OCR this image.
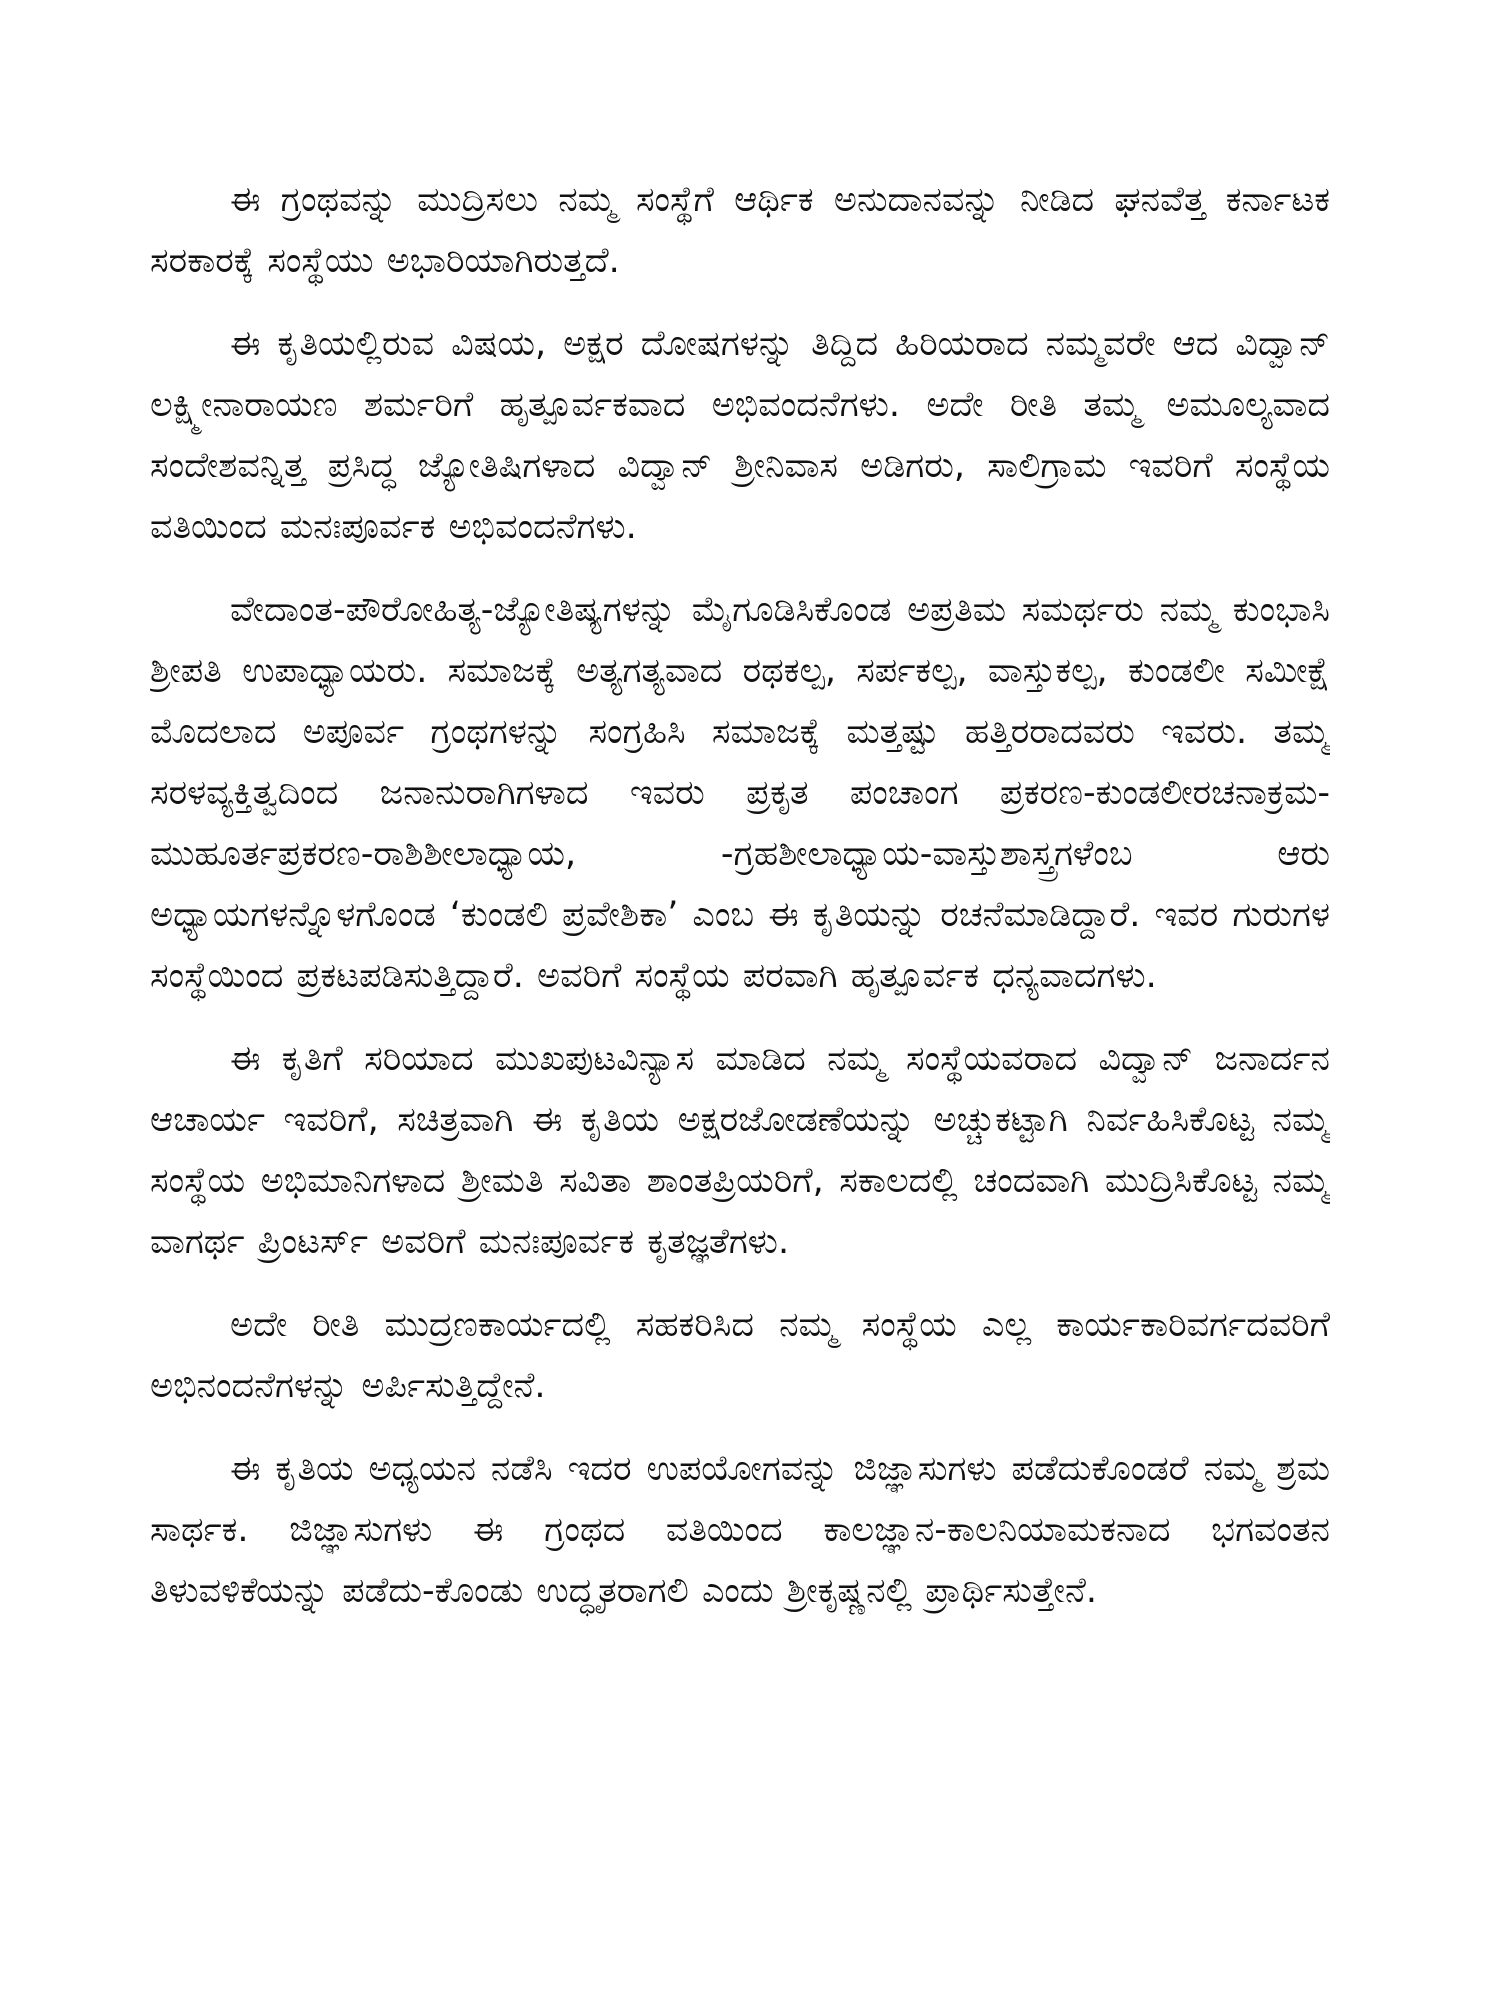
ಈ ಗ್ರಂಥವನ್ನು ಮುದ್ರಿಸಲು ನಮ್ಮ ಸಂಸ್ಥೆಗೆ ಆರ್ಥಿಕ ಅನುದಾನವನ್ನು ನೀಡಿದ ಘನವೆತ್ತ ಕರ್ನಾಟಕ ಸರಕಾರಕ್ಕೆ ಸಂಸ್ಥೆಯು ಅಭಾರಿಯಾಗಿರುತ್ತದೆ.

ಈ ಕೃತಿಯಲ್ಲಿರುವ ವಿಷಯ, ಅಕ್ಷರ ದೋಷಗಳನ್ನು ತಿದ್ದಿದ ಹಿರಿಯರಾದ ನಮ್ಮವರೇ ಆದ ವಿದ್ವಾನ್ ಲಕ್ಷ್ಮೀನಾರಾಯಣ ಶರ್ಮರಿಗೆ ಹೃತ್ಪೂರ್ವಕವಾದ ಅಭಿವಂದನೆಗಳು. ಅದೇ ರೀತಿ ತಮ್ಮ ಅಮೂಲ್ಯವಾದ ಸಂದೇಶವನ್ನಿತ್ತ ಪ್ರಸಿದ್ಧ ಜ್ಯೋತಿಷಿಗಳಾದ ವಿದ್ವಾನ್ ಶ್ರೀನಿವಾಸ ಅಡಿಗರು, ಸಾಲಿಗ್ರಾಮ ಇವರಿಗೆ ಸಂಸ್ಥೆಯ ವತಿಯಿಂದ ಮನಃಪೂರ್ವಕ ಅಭಿವಂದನೆಗಳು.

ವೇದಾಂತ-ಪೌರೋಹಿತ್ಯ-ಜ್ಯೋತಿಷ್ಯಗಳನ್ನು ಮೈಗೂಡಿಸಿಕೊಂಡ ಅಪ್ರತಿಮ ಸಮರ್ಥರು ನಮ್ಮ ಕುಂಭಾಸಿ ಶ್ರೀಪತಿ ಉಪಾಧ್ಯಾಯರು. ಸಮಾಜಕ್ಕೆ ಅತ್ಯಗತ್ಯವಾದ ರಥಕಲ್ಪ, ಸರ್ಪಕಲ್ಪ, ವಾಸ್ತುಕಲ್ಪ, ಕುಂಡಲೀ ಸಮೀಕ್ಷೆ ಮೊದಲಾದ ಅಪೂರ್ವ ಗ್ರಂಥಗಳನ್ನು ಸಂಗ್ರಹಿಸಿ ಸಮಾಜಕ್ಕೆ ಮತ್ತಷ್ಟು ಹತ್ತಿರರಾದವರು ಇವರು. ತಮ್ಮ ಸರಳವ್ಯಕ್ತಿತ್ವದಿಂದ ಜನಾನುರಾಗಿಗಳಾದ ಇವರು ಪ್ರಕೃತ ಪಂಚಾಂಗ ಪ್ರಕರಣ-ಕುಂಡಲೀರಚನಾಕ್ರಮ-ಮುಹೂರ್ತಪ್ರಕರಣ-ರಾಶಿಶೀಲಾಧ್ಯಾಯ, -ಗ್ರಹಶೀಲಾಧ್ಯಾಯ-ವಾಸ್ತುಶಾಸ್ತ್ರಗಳೆಂಬ ಆರು ಅಧ್ಯಾಯಗಳನ್ನೊಳಗೊಂಡ ‘ಕುಂಡಲಿ ಪ್ರವೇಶಿಕಾ’ ಎಂಬ ಈ ಕೃತಿಯನ್ನು ರಚನೆಮಾಡಿದ್ದಾರೆ. ಇವರ ಗುರುಗಳ ಸಂಸ್ಥೆಯಿಂದ ಪ್ರಕಟಪಡಿಸುತ್ತಿದ್ದಾರೆ. ಅವರಿಗೆ ಸಂಸ್ಥೆಯ ಪರವಾಗಿ ಹೃತ್ಪೂರ್ವಕ ಧನ್ಯವಾದಗಳು.

ಈ ಕೃತಿಗೆ ಸರಿಯಾದ ಮುಖಪುಟವಿನ್ಯಾಸ ಮಾಡಿದ ನಮ್ಮ ಸಂಸ್ಥೆಯವರಾದ ವಿದ್ವಾನ್ ಜನಾರ್ದನ ಆಚಾರ್ಯ ಇವರಿಗೆ, ಸಚಿತ್ರವಾಗಿ ಈ ಕೃತಿಯ ಅಕ್ಷರಜೋಡಣೆಯನ್ನು ಅಚ್ಚುಕಟ್ಟಾಗಿ ನಿರ್ವಹಿಸಿಕೊಟ್ಟ ನಮ್ಮ ಸಂಸ್ಥೆಯ ಅಭಿಮಾನಿಗಳಾದ ಶ್ರೀಮತಿ ಸವಿತಾ ಶಾಂತಪ್ರಿಯರಿಗೆ, ಸಕಾಲದಲ್ಲಿ ಚಂದವಾಗಿ ಮುದ್ರಿಸಿಕೊಟ್ಟ ನಮ್ಮ ವಾಗರ್ಥ ಪ್ರಿಂಟರ್ಸ್ ಅವರಿಗೆ ಮನಃಪೂರ್ವಕ ಕೃತಜ್ಞತೆಗಳು.

ಅದೇ ರೀತಿ ಮುದ್ರಣಕಾರ್ಯದಲ್ಲಿ ಸಹಕರಿಸಿದ ನಮ್ಮ ಸಂಸ್ಥೆಯ ಎಲ್ಲ ಕಾರ್ಯಕಾರಿವರ್ಗದವರಿಗೆ ಅಭಿನಂದನೆಗಳನ್ನು ಅರ್ಪಿಸುತ್ತಿದ್ದೇನೆ.

ಈ ಕೃತಿಯ ಅಧ್ಯಯನ ನಡೆಸಿ ಇದರ ಉಪಯೋಗವನ್ನು ಜಿಜ್ಞಾಸುಗಳು ಪಡೆದುಕೊಂಡರೆ ನಮ್ಮ ಶ್ರಮ ಸಾರ್ಥಕ. ಜಿಜ್ಞಾಸುಗಳು ಈ ಗ್ರಂಥದ ವತಿಯಿಂದ ಕಾಲಜ್ಞಾನ-ಕಾಲನಿಯಾಮಕನಾದ ಭಗವಂತನ ತಿಳುವಳಿಕೆಯನ್ನು ಪಡೆದು-ಕೊಂಡು ಉದ್ಧೃತರಾಗಲಿ ಎಂದು ಶ್ರೀಕೃಷ್ಣನಲ್ಲಿ ಪ್ರಾರ್ಥಿಸುತ್ತೇನೆ.
